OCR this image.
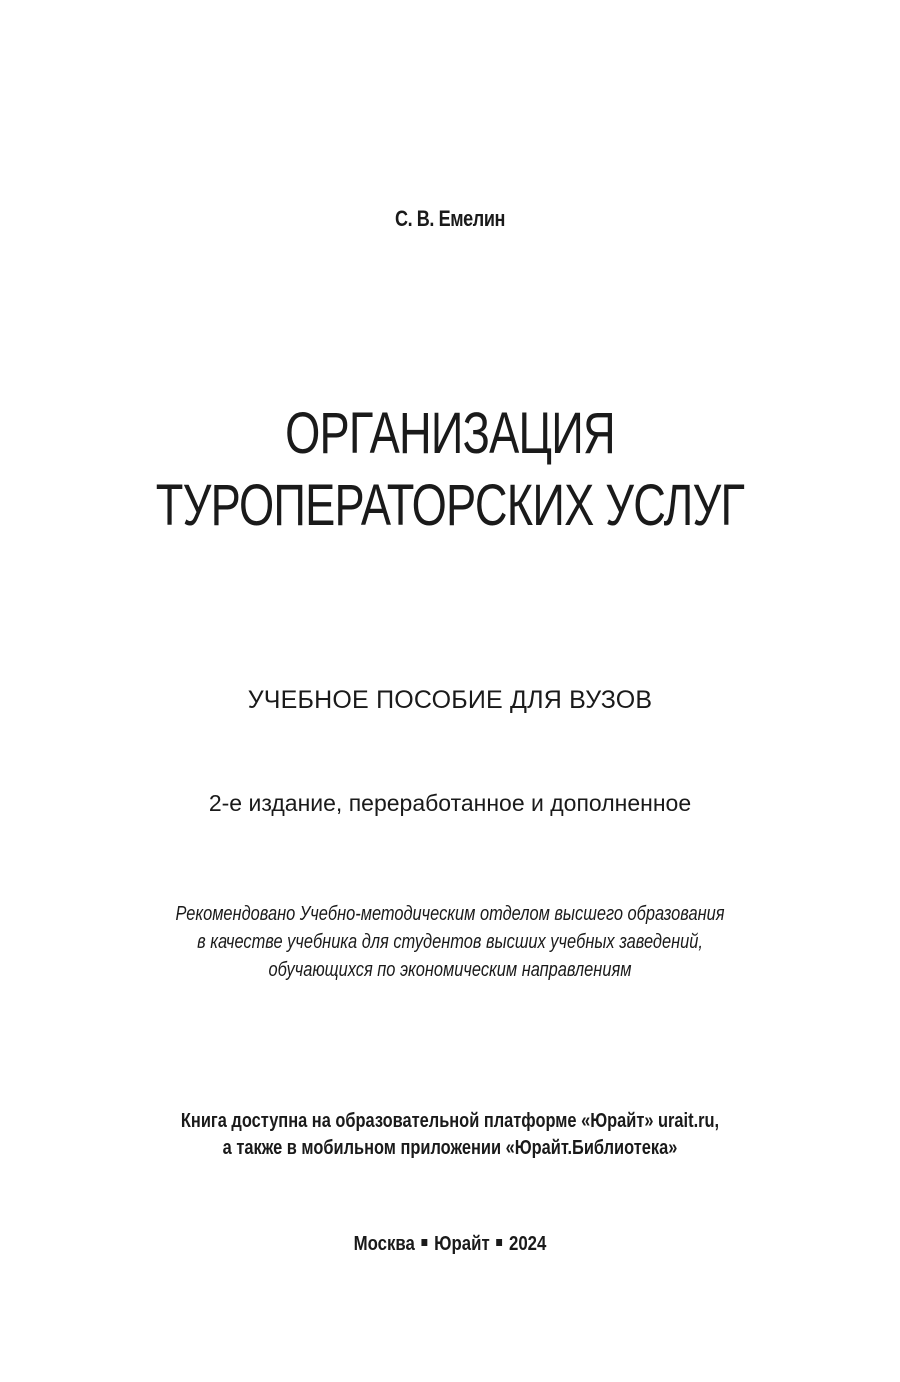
С. В. Емелин
ОРГАНИЗАЦИЯ
ТУРОПЕРАТОРСКИХ УСЛУГ
УЧЕБНОЕ ПОСОБИЕ ДЛЯ ВУЗОВ
2-е издание, переработанное и дополненное
Рекомендовано Учебно-методическим отделом высшего образования
в качестве учебника для студентов высших учебных заведений,
обучающихся по экономическим направлениям
Книга доступна на образовательной платформе «Юрайт» urait.ru,
а также в мобильном приложении «Юрайт.Библиотека»
Москва Юрайт 2024
